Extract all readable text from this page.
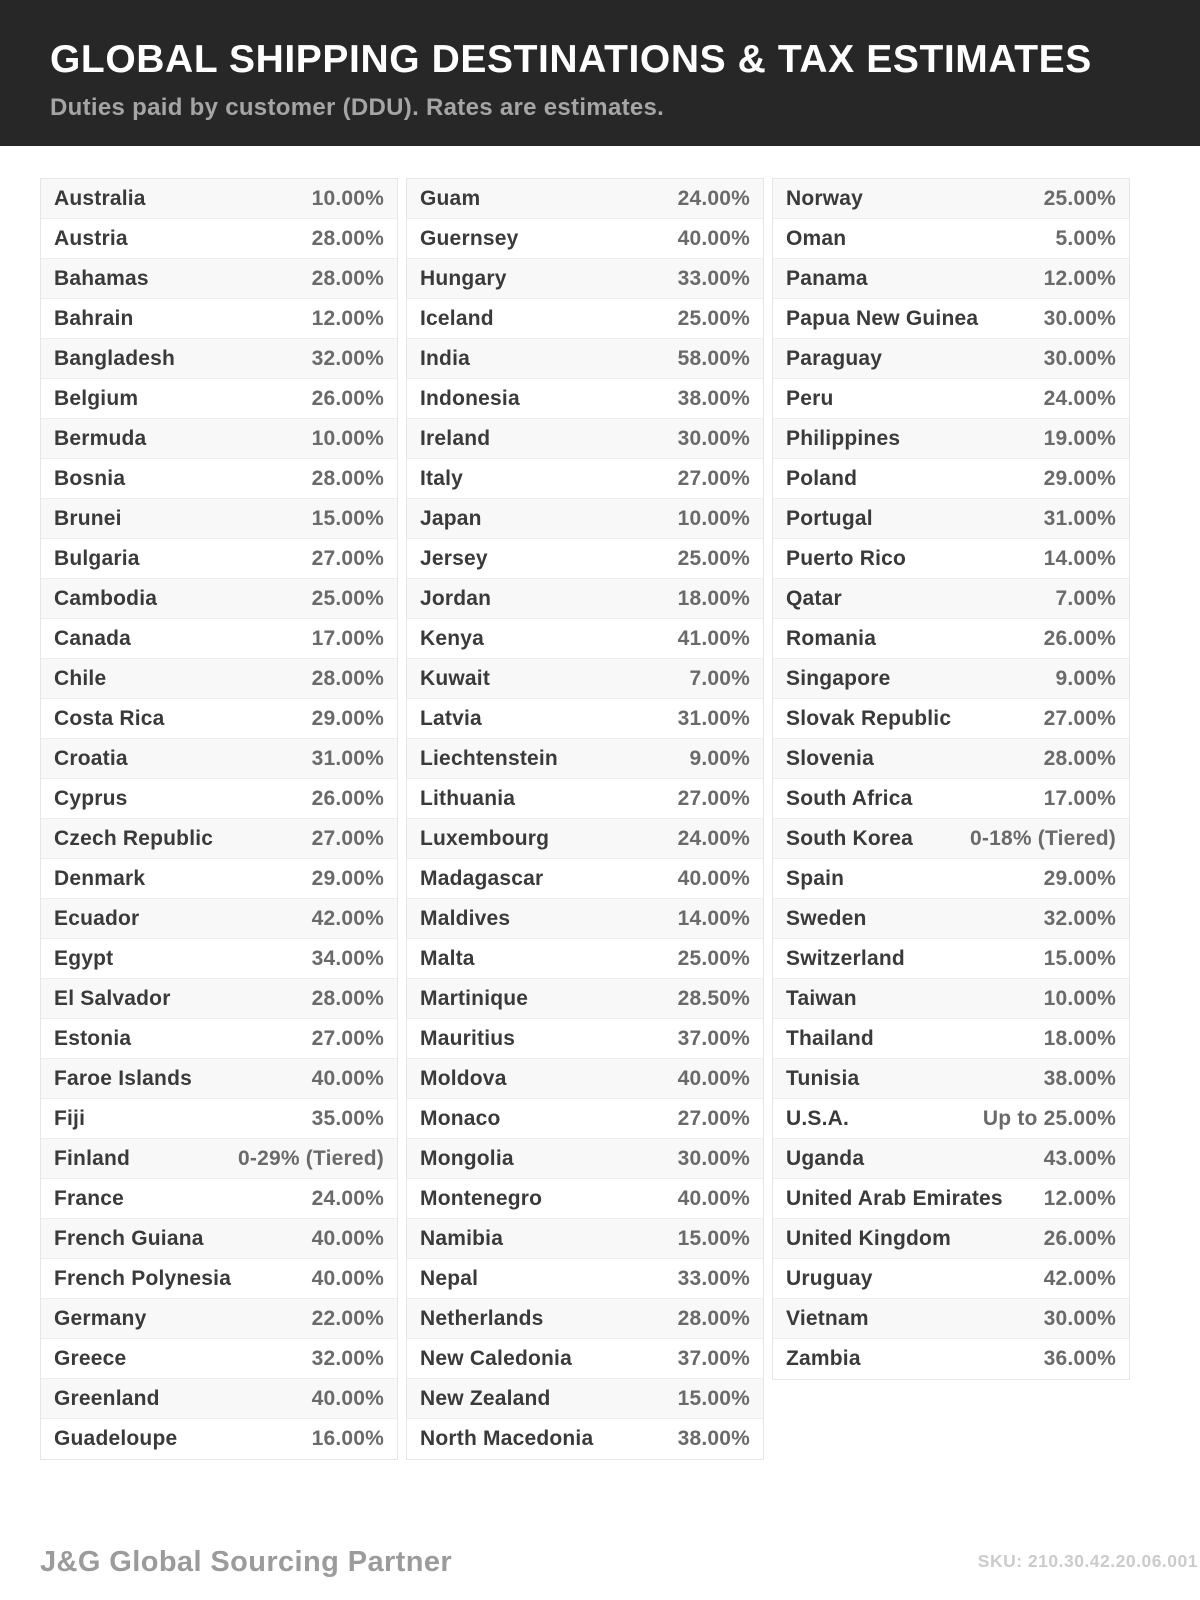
GLOBAL SHIPPING DESTINATIONS & TAX ESTIMATES
Duties paid by customer (DDU). Rates are estimates.
Australia	10.00%
Austria	28.00%
Bahamas	28.00%
Bahrain	12.00%
Bangladesh	32.00%
Belgium	26.00%
Bermuda	10.00%
Bosnia	28.00%
Brunei	15.00%
Bulgaria	27.00%
Cambodia	25.00%
Canada	17.00%
Chile	28.00%
Costa Rica	29.00%
Croatia	31.00%
Cyprus	26.00%
Czech Republic	27.00%
Denmark	29.00%
Ecuador	42.00%
Egypt	34.00%
El Salvador	28.00%
Estonia	27.00%
Faroe Islands	40.00%
Fiji	35.00%
Finland	0-29% (Tiered)
France	24.00%
French Guiana	40.00%
French Polynesia	40.00%
Germany	22.00%
Greece	32.00%
Greenland	40.00%
Guadeloupe	16.00%
Guam	24.00%
Guernsey	40.00%
Hungary	33.00%
Iceland	25.00%
India	58.00%
Indonesia	38.00%
Ireland	30.00%
Italy	27.00%
Japan	10.00%
Jersey	25.00%
Jordan	18.00%
Kenya	41.00%
Kuwait	7.00%
Latvia	31.00%
Liechtenstein	9.00%
Lithuania	27.00%
Luxembourg	24.00%
Madagascar	40.00%
Maldives	14.00%
Malta	25.00%
Martinique	28.50%
Mauritius	37.00%
Moldova	40.00%
Monaco	27.00%
Mongolia	30.00%
Montenegro	40.00%
Namibia	15.00%
Nepal	33.00%
Netherlands	28.00%
New Caledonia	37.00%
New Zealand	15.00%
North Macedonia	38.00%
Norway	25.00%
Oman	5.00%
Panama	12.00%
Papua New Guinea	30.00%
Paraguay	30.00%
Peru	24.00%
Philippines	19.00%
Poland	29.00%
Portugal	31.00%
Puerto Rico	14.00%
Qatar	7.00%
Romania	26.00%
Singapore	9.00%
Slovak Republic	27.00%
Slovenia	28.00%
South Africa	17.00%
South Korea	0-18% (Tiered)
Spain	29.00%
Sweden	32.00%
Switzerland	15.00%
Taiwan	10.00%
Thailand	18.00%
Tunisia	38.00%
U.S.A.	Up to 25.00%
Uganda	43.00%
United Arab Emirates 12.00%
United Kingdom	26.00%
Uruguay	42.00%
Vietnam	30.00%
Zambia	36.00%
J&G Global Sourcing Partner	SKU: 210.30.42.20.06.001
